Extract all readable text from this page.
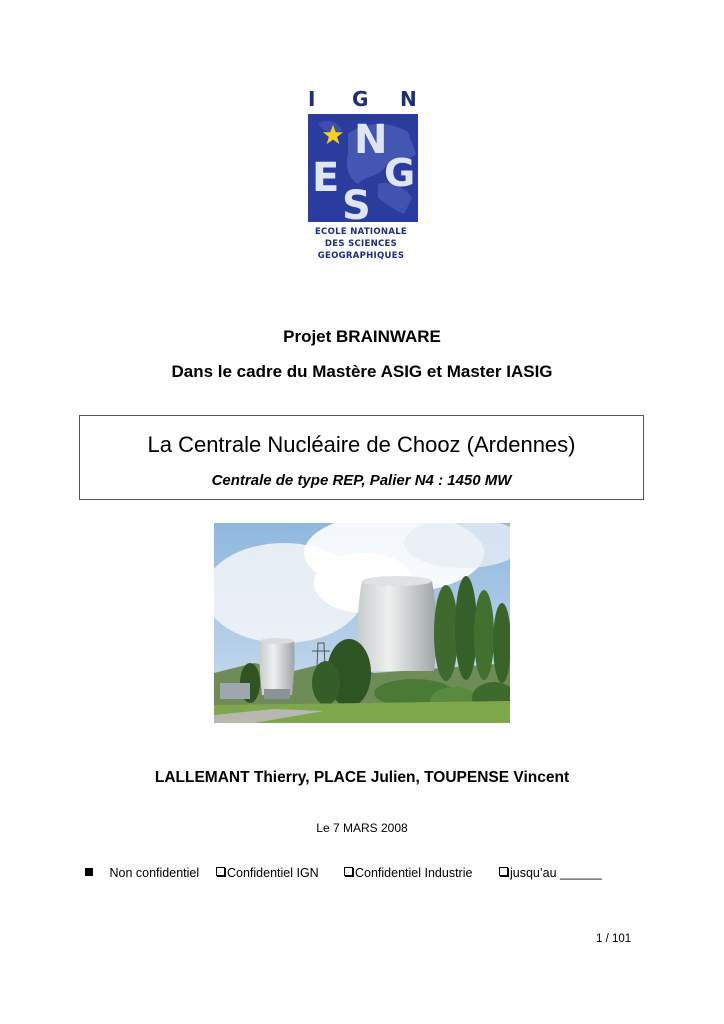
I G N
N
E G
S
ECOLE NATIONALE
DES SCIENCES
GEOGRAPHIQUES
Projet BRAINWARE
Dans le cadre du Mastère ASIG et Master IASIG
La Centrale Nucléaire de Chooz (Ardennes)
Centrale de type REP, Palier N4 : 1450 MW
LALLEMANT Thierry, PLACE Julien, TOUPENSE Vincent
Le 7 MARS 2008
Non confidentiel	Confidentiel IGN	Confidentiel Industrie	jusqu’au ______
1 / 101
